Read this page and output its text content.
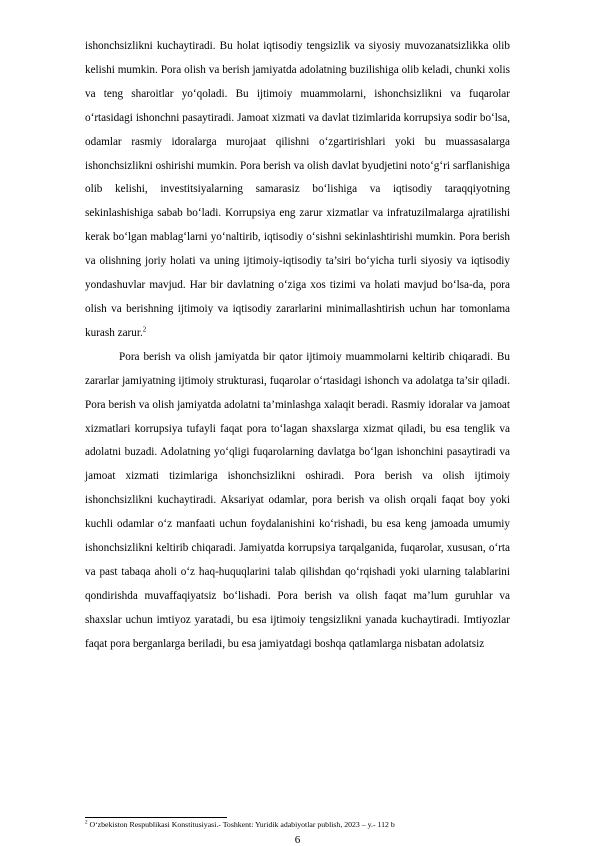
ishonchsizlikni kuchaytiradi. Bu holat iqtisodiy tengsizlik va siyosiy muvozanatsizlikka olib kelishi mumkin. Pora olish va berish jamiyatda adolatning buzilishiga olib keladi, chunki xolis va teng sharoitlar yo‘qoladi. Bu ijtimoiy muammolarni, ishonchsizlikni va fuqarolar o‘rtasidagi ishonchni pasaytiradi. Jamoat xizmati va davlat tizimlarida korrupsiya sodir bo‘lsa, odamlar rasmiy idoralarga murojaat qilishni o‘zgartirishlari yoki bu muassasalarga ishonchsizlikni oshirishi mumkin. Pora berish va olish davlat byudjetini noto‘g‘ri sarflanishiga olib kelishi, investitsiyalarning samarasiz bo‘lishiga va iqtisodiy taraqqiyotning sekinlashishiga sabab bo‘ladi. Korrupsiya eng zarur xizmatlar va infratuzilmalarga ajratilishi kerak bo‘lgan mablag‘larni yo‘naltirib, iqtisodiy o‘sishni sekinlashtirishi mumkin. Pora berish va olishning joriy holati va uning ijtimoiy-iqtisodiy ta’siri bo‘yicha turli siyosiy va iqtisodiy yondashuvlar mavjud. Har bir davlatning o‘ziga xos tizimi va holati mavjud bo‘lsa-da, pora olish va berishning ijtimoiy va iqtisodiy zararlarini minimallashtirish uchun har tomonlama kurash zarur.$^2$

Pora berish va olish jamiyatda bir qator ijtimoiy muammolarni keltirib chiqaradi. Bu zararlar jamiyatning ijtimoiy strukturasi, fuqarolar o‘rtasidagi ishonch va adolatga ta’sir qiladi. Pora berish va olish jamiyatda adolatni ta’minlashga xalaqit beradi. Rasmiy idoralar va jamoat xizmatlari korrupsiya tufayli faqat pora to‘lagan shaxslarga xizmat qiladi, bu esa tenglik va adolatni buzadi. Adolatning yo‘qligi fuqarolarning davlatga bo‘lgan ishonchini pasaytiradi va jamoat xizmati tizimlariga ishonchsizlikni oshiradi. Pora berish va olish ijtimoiy ishonchsizlikni kuchaytiradi. Aksariyat odamlar, pora berish va olish orqali faqat boy yoki kuchli odamlar o‘z manfaati uchun foydalanishini ko‘rishadi, bu esa keng jamoada umumiy ishonchsizlikni keltirib chiqaradi. Jamiyatda korrupsiya tarqalganida, fuqarolar, xususan, o‘rta va past tabaqa aholi o‘z haq-huquqlarini talab qilishdan qo‘rqishadi yoki ularning talablarini qondirishda muvaffaqiyatsiz bo‘lishadi. Pora berish va olish faqat ma’lum guruhlar va shaxslar uchun imtiyoz yaratadi, bu esa ijtimoiy tengsizlikni yanada kuchaytiradi. Imtiyozlar faqat pora berganlarga beriladi, bu esa jamiyatdagi boshqa qatlamlarga nisbatan adolatsiz

$^2$ O‘zbekiston Respublikasi Konstitusiyasi.- Toshkent: Yuridik adabiyotlar publish, 2023 – y.- 112 b
6
